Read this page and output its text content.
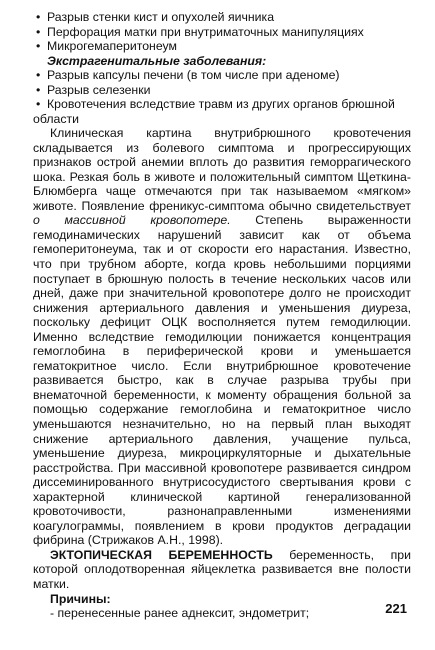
• Разрыв стенки кист и опухолей яичника
• Перфорация матки при внутриматочных манипуляциях
• Микрогемаперитонеум
Экстрагенитальные заболевания:
• Разрыв капсулы печени (в том числе при аденоме)
• Разрыв селезенки
• Кровотечения вследствие травм из других органов брюшной

области

Клиническая картина внутрибрюшного кровотечения складывается из болевого симптома и прогрессирующих признаков острой анемии вплоть до развития геморрагического шока. Резкая боль в животе и положительный симптом Щеткина-Блюмберга чаще отмечаются при так называемом «мягком» животе. Появление френикус-симптома обычно свидетельствует о массивной кровопотере. Степень выраженности гемодинамических нарушений зависит как от объема гемоперитонеума, так и от скорости его нарастания. Известно, что при трубном аборте, когда кровь небольшими порциями поступает в брюшную полость в течение нескольких часов или дней, даже при значительной кровопотере долго не происходит снижения артериального давления и уменьшения диуреза, поскольку дефицит ОЦК восполняется путем гемодилюции. Именно вследствие гемодилюции понижается концентрация гемоглобина в периферической крови и уменьшается гематокритное число. Если внутрибрюшное кровотечение развивается быстро, как в случае разрыва трубы при внематочной беременности, к моменту обращения больной за помощью содержание гемоглобина и гематокритное число уменьшаются незначительно, но на первый план выходят снижение артериального давления, учащение пульса, уменьшение диуреза, микроциркуляторные и дыхательные расстройства. При массивной кровопотере развивается синдром диссеминированного внутрисосудистого свертывания крови с характерной клинической картиной генерализованной кровоточивости, разнонаправленными изменениями коагулограммы, появлением в крови продуктов деградации фибрина (Стрижаков А.Н., 1998).

ЭКТОПИЧЕСКАЯ БЕРЕМЕННОСТЬ беременность, при которой оплодотворенная яйцеклетка развивается вне полости матки.

Причины:

- перенесенные ранее аднексит, эндометрит;	221
